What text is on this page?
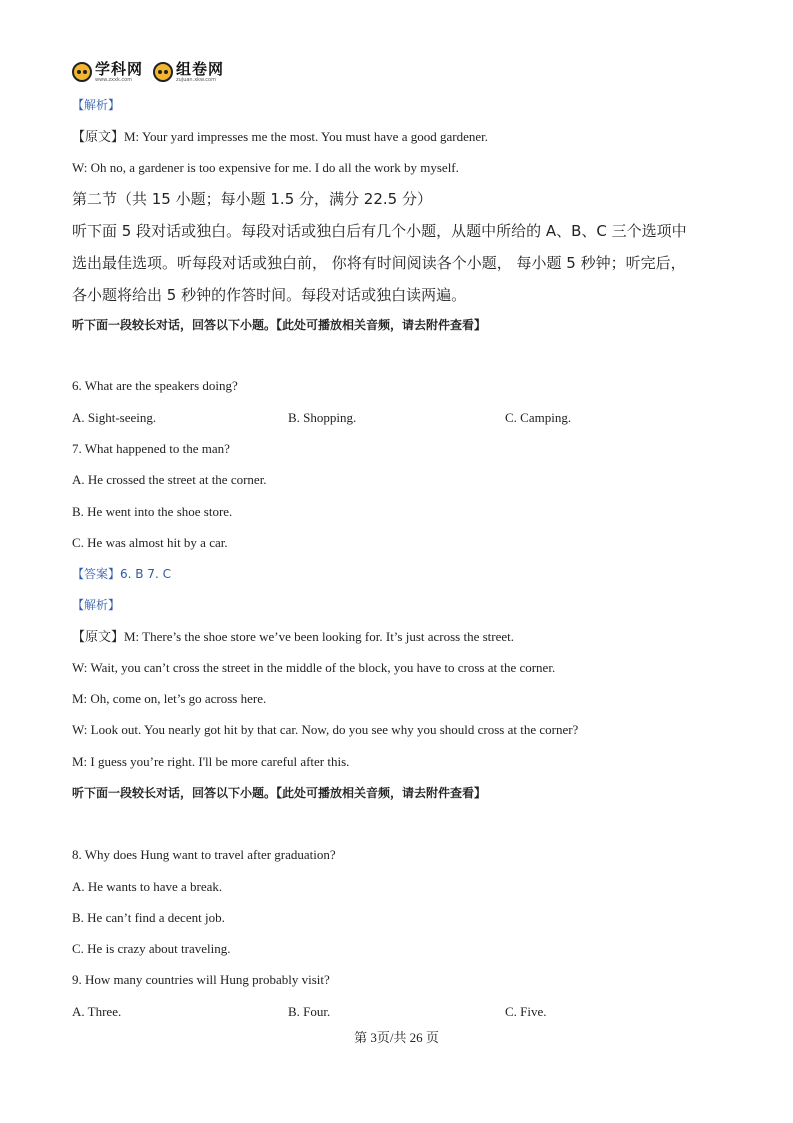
学科网
www.zxxk.com
组卷网
zujuan.xkw.com
【解析】
【原文】M: Your yard impresses me the most. You must have a good gardener.
W: Oh no, a gardener is too expensive for me. I do all the work by myself.
第二节（共 15 小题；每小题 1.5 分，满分 22.5 分）
听下面 5 段对话或独白。每段对话或独白后有几个小题，从题中所给的 A、B、C 三个选项中
选出最佳选项。听每段对话或独白前， 你将有时间阅读各个小题， 每小题 5 秒钟；听完后，
各小题将给出 5 秒钟的作答时间。每段对话或独白读两遍。
听下面一段较长对话，回答以下小题。【此处可播放相关音频，请去附件查看】
6. What are the speakers doing?
A. Sight-seeing.	B. Shopping.	C. Camping.
7. What happened to the man?
A. He crossed the street at the corner.
B. He went into the shoe store.
C. He was almost hit by a car.
【答案】6. B 7. C
【解析】
【原文】M: There’s the shoe store we’ve been looking for. It’s just across the street.
W: Wait, you can’t cross the street in the middle of the block, you have to cross at the corner.
M: Oh, come on, let’s go across here.
W: Look out. You nearly got hit by that car. Now, do you see why you should cross at the corner?
M: I guess you’re right. I'll be more careful after this.
听下面一段较长对话，回答以下小题。【此处可播放相关音频，请去附件查看】
8. Why does Hung want to travel after graduation?
A. He wants to have a break.
B. He can’t find a decent job.
C. He is crazy about traveling.
9. How many countries will Hung probably visit?
A. Three.	B. Four.	C. Five.
第 3页/共 26 页
